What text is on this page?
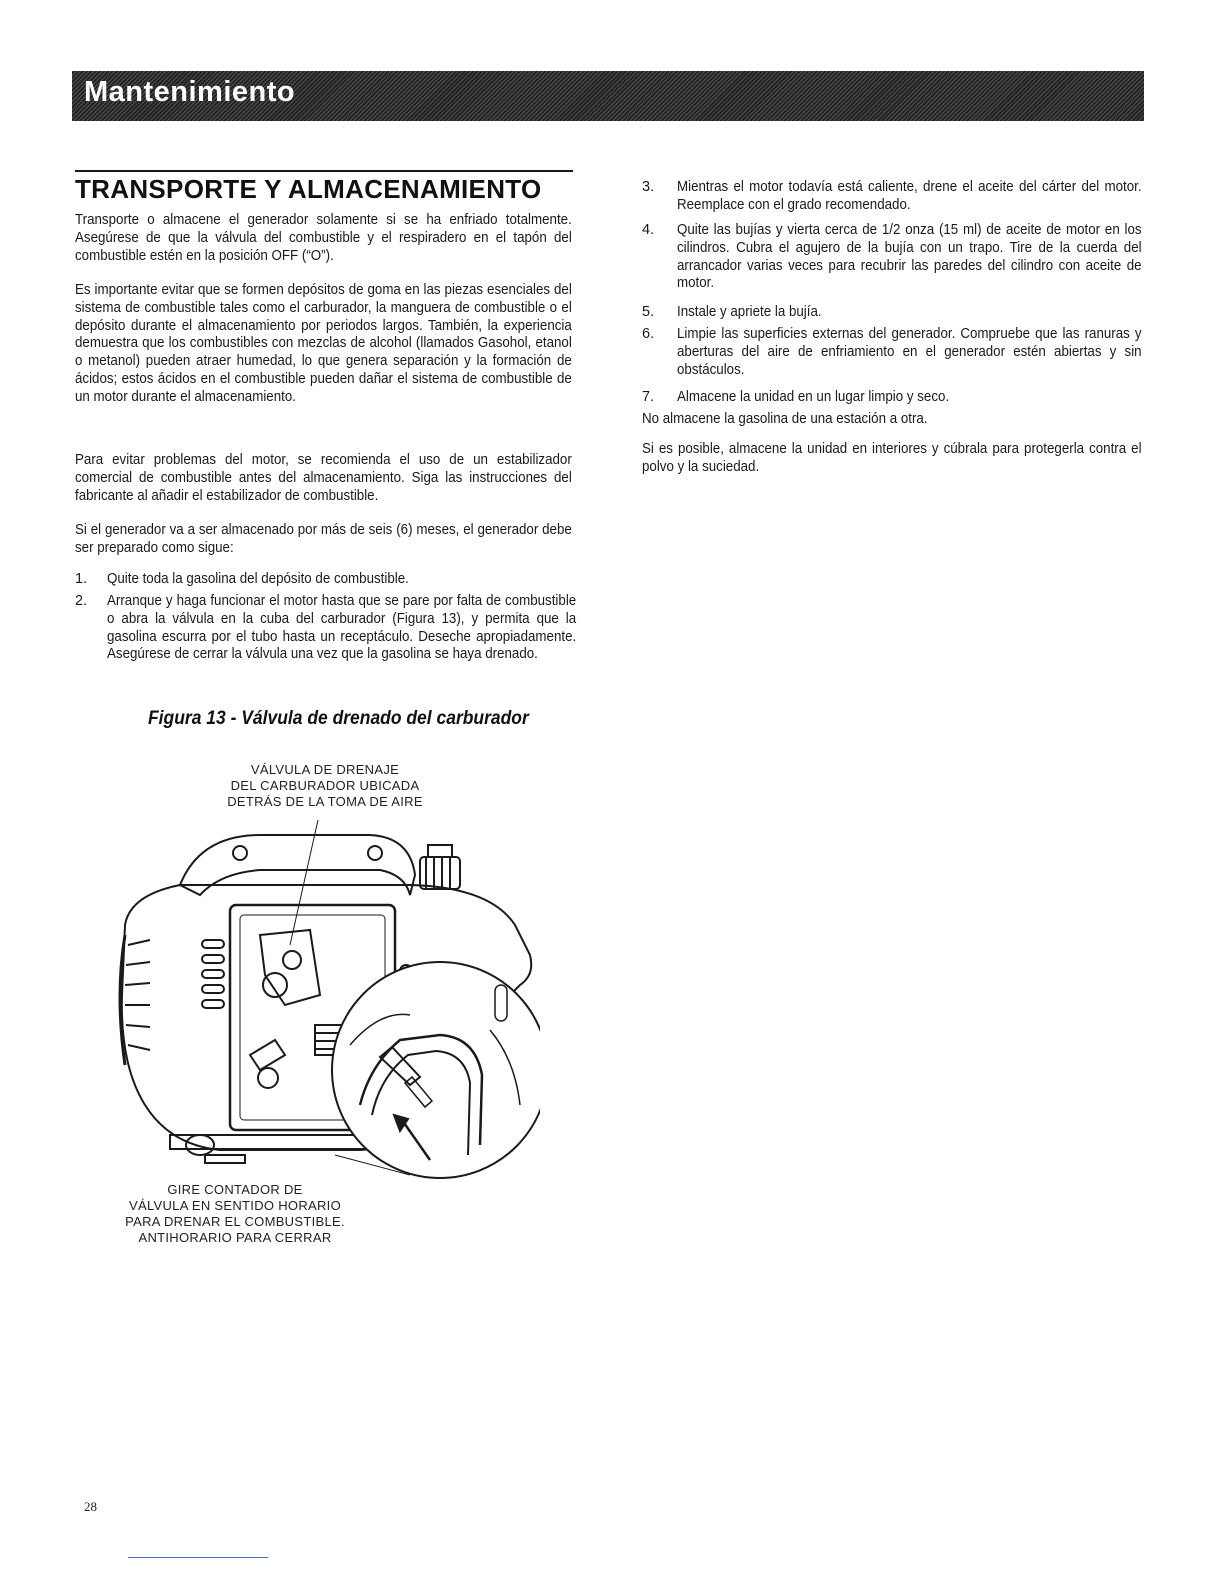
Mantenimiento
TRANSPORTE Y ALMACENAMIENTO

Transporte o almacene el generador solamente si se ha enfriado totalmente. Asegúrese de que la válvula del combustible y el respiradero en el tapón del combustible estén en la posición OFF (“O”).

Es importante evitar que se formen depósitos de goma en las piezas esenciales del sistema de combustible tales como el carburador, la manguera de combustible o el depósito durante el almacenamiento por periodos largos. También, la experiencia demuestra que los combustibles con mezclas de alcohol (llamados Gasohol, etanol o metanol) pueden atraer humedad, lo que genera separación y la formación de ácidos; estos ácidos en el combustible pueden dañar el sistema de combustible de un motor durante el almacenamiento.

Para evitar problemas del motor, se recomienda el uso de un estabilizador comercial de combustible antes del almacenamiento. Siga las instrucciones del fabricante al añadir el estabilizador de combustible.

Si el generador va a ser almacenado por más de seis (6) meses, el generador debe ser preparado como sigue:

1.	Quite toda la gasolina del depósito de combustible.
2.	Arranque y haga funcionar el motor hasta que se pare por falta de combustible o abra la válvula en la cuba del carburador (Figura 13), y permita que la gasolina escurra por el tubo hasta un receptáculo. Deseche apropiadamente. Asegúrese de cerrar la válvula una vez que la gasolina se haya drenado.

Figura 13 - Válvula de drenado del carburador

VÁLVULA DE DRENAJE
DEL CARBURADOR UBICADA
DETRÁS DE LA TOMA DE AIRE
GIRE CONTADOR DE
VÁLVULA EN SENTIDO HORARIO
PARA DRENAR EL COMBUSTIBLE.
ANTIHORARIO PARA CERRAR
3.	Mientras el motor todavía está caliente, drene el aceite del cárter del motor. Reemplace con el grado recomendado.
4.	Quite las bujías y vierta cerca de 1/2 onza (15 ml) de aceite de motor en los cilindros. Cubra el agujero de la bujía con un trapo. Tire de la cuerda del arrancador varias veces para recubrir las paredes del cilindro con aceite de motor.
5.	Instale y apriete la bujía.
6.	Limpie las superficies externas del generador. Compruebe que las ranuras y aberturas del aire de enfriamiento en el generador estén abiertas y sin obstáculos.
7.	Almacene la unidad en un lugar limpio y seco.

No almacene la gasolina de una estación a otra.

Si es posible, almacene la unidad en interiores y cúbrala para protegerla contra el polvo y la suciedad.

28
